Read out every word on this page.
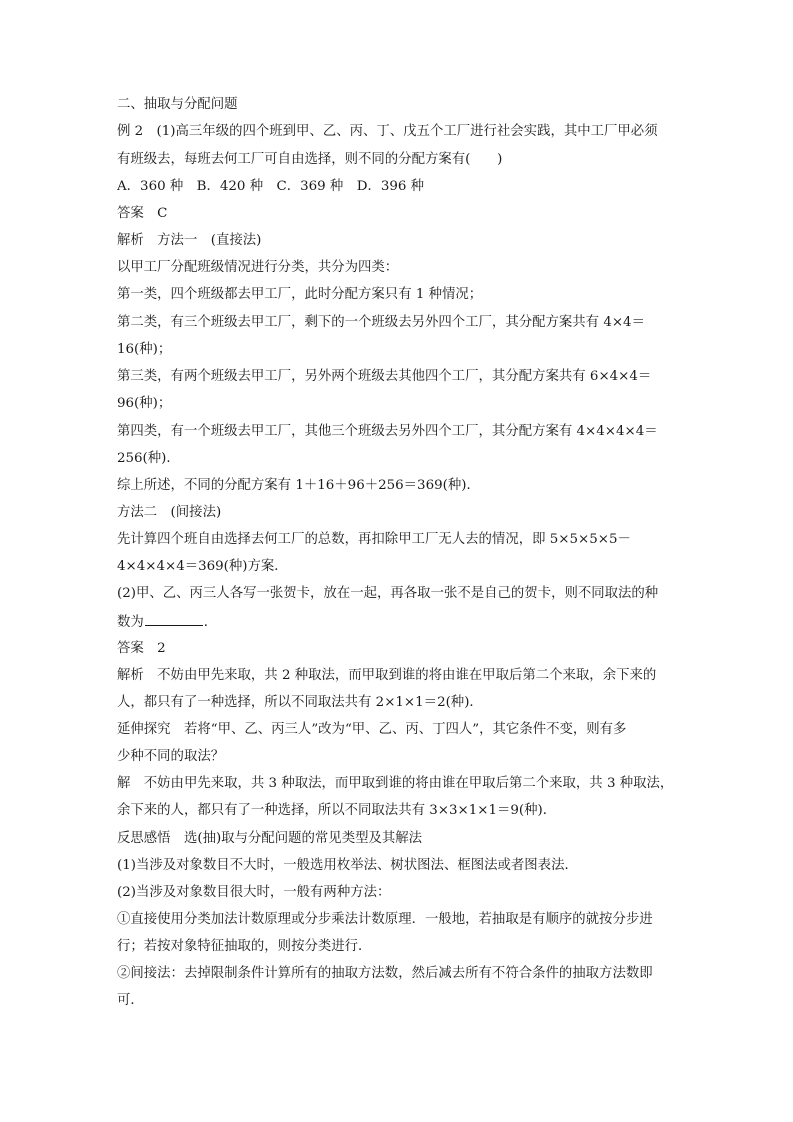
二、抽取与分配问题
例 2　(1)高三年级的四个班到甲、乙、丙、丁、戊五个工厂进行社会实践，其中工厂甲必须
有班级去，每班去何工厂可自由选择，则不同的分配方案有(　　)
A．360 种　B．420 种　C．369 种　D．396 种
答案　C
解析　方法一　(直接法)
以甲工厂分配班级情况进行分类，共分为四类：
第一类，四个班级都去甲工厂，此时分配方案只有 1 种情况；
第二类，有三个班级去甲工厂，剩下的一个班级去另外四个工厂，其分配方案共有 4×4＝
16(种)；
第三类，有两个班级去甲工厂，另外两个班级去其他四个工厂，其分配方案共有 6×4×4＝
96(种)；
第四类，有一个班级去甲工厂，其他三个班级去另外四个工厂，其分配方案有 4×4×4×4＝
256(种)．
综上所述，不同的分配方案有 1＋16＋96＋256＝369(种)．
方法二　(间接法)
先计算四个班自由选择去何工厂的总数，再扣除甲工厂无人去的情况，即 5×5×5×5－
4×4×4×4＝369(种)方案．
(2)甲、乙、丙三人各写一张贺卡，放在一起，再各取一张不是自己的贺卡，则不同取法的种
数为	．
答案　2
解析　不妨由甲先来取，共 2 种取法，而甲取到谁的将由谁在甲取后第二个来取，余下来的
人，都只有了一种选择，所以不同取法共有 2×1×1＝2(种)．
延伸探究　若将“甲、乙、丙三人”改为“甲、乙、丙、丁四人”，其它条件不变，则有多
少种不同的取法？
解　不妨由甲先来取，共 3 种取法，而甲取到谁的将由谁在甲取后第二个来取，共 3 种取法，
余下来的人，都只有了一种选择，所以不同取法共有 3×3×1×1＝9(种)．
反思感悟　选(抽)取与分配问题的常见类型及其解法
(1)当涉及对象数目不大时，一般选用枚举法、树状图法、框图法或者图表法．
(2)当涉及对象数目很大时，一般有两种方法：
①直接使用分类加法计数原理或分步乘法计数原理．一般地，若抽取是有顺序的就按分步进
行；若按对象特征抽取的，则按分类进行．
②间接法：去掉限制条件计算所有的抽取方法数，然后减去所有不符合条件的抽取方法数即
可．
